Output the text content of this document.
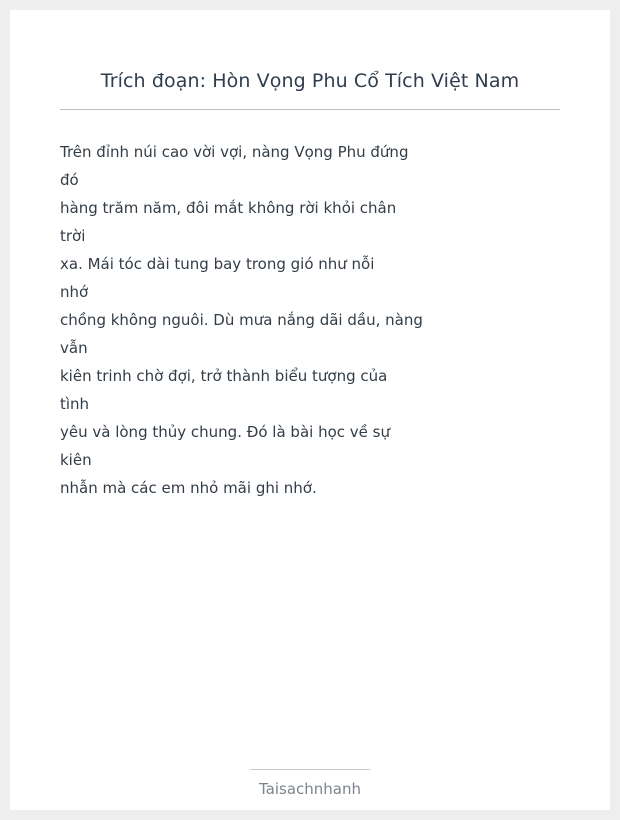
Trích đoạn: Hòn Vọng Phu Cổ Tích Việt Nam
Trên đỉnh núi cao vời vợi, nàng Vọng Phu đứng
đó
hàng trăm năm, đôi mắt không rời khỏi chân
trời
xa. Mái tóc dài tung bay trong gió như nỗi
nhớ
chồng không nguôi. Dù mưa nắng dãi dầu, nàng
vẫn
kiên trinh chờ đợi, trở thành biểu tượng của
tình
yêu và lòng thủy chung. Đó là bài học về sự
kiên
nhẫn mà các em nhỏ mãi ghi nhớ.
Taisachnhanh
